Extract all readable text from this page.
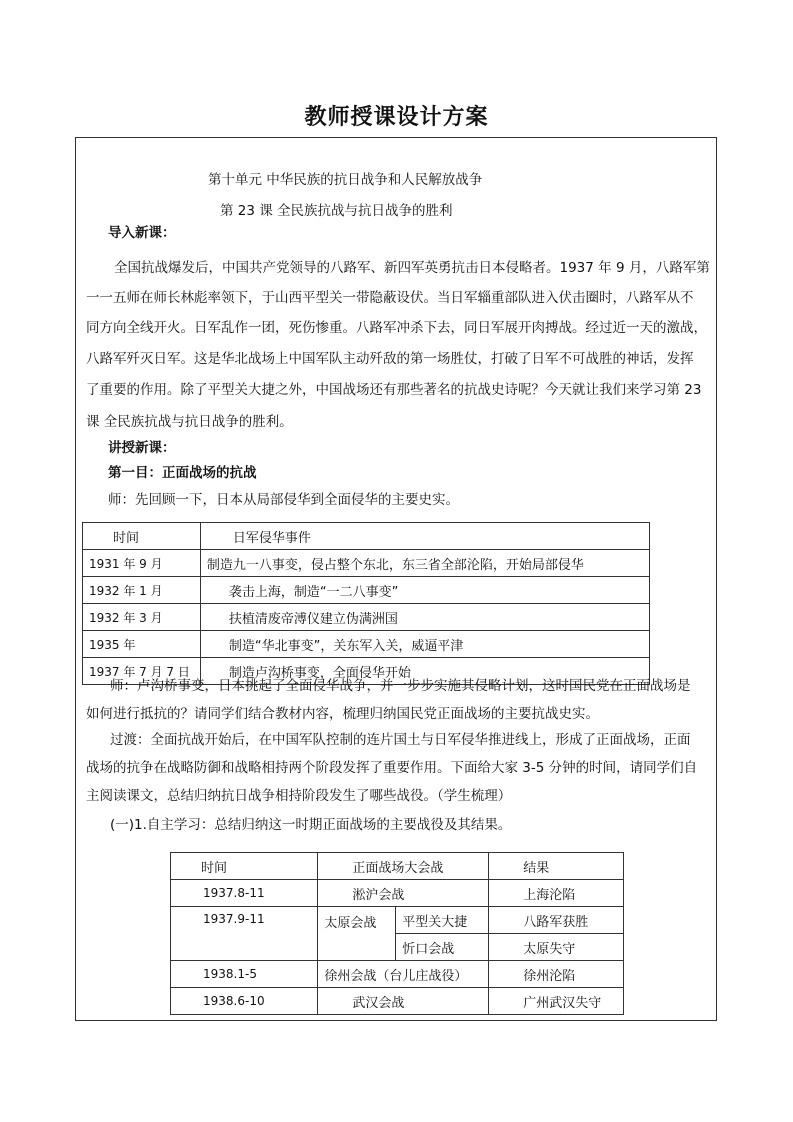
教师授课设计方案
第十单元 中华民族的抗日战争和人民解放战争
第 23 课 全民族抗战与抗日战争的胜利
导入新课：
全国抗战爆发后，中国共产党领导的八路军、新四军英勇抗击日本侵略者。1937 年 9 月，八路军第
一一五师在师长林彪率领下，于山西平型关一带隐蔽设伏。当日军辎重部队进入伏击圈时，八路军从不
同方向全线开火。日军乱作一团，死伤惨重。八路军冲杀下去，同日军展开肉搏战。经过近一天的激战，
八路军歼灭日军。这是华北战场上中国军队主动歼敌的第一场胜仗，打破了日军不可战胜的神话，发挥
了重要的作用。除了平型关大捷之外，中国战场还有那些著名的抗战史诗呢？今天就让我们来学习第 23
课 全民族抗战与抗日战争的胜利。
讲授新课：
第一目：正面战场的抗战
师：先回顾一下，日本从局部侵华到全面侵华的主要史实。
时间	日军侵华事件
1931 年 9 月	制造九一八事变，侵占整个东北，东三省全部沦陷，开始局部侵华
1932 年 1 月	袭击上海，制造“一二八事变”
1932 年 3 月	扶植清废帝溥仪建立伪满洲国
1935 年	制造“华北事变”，关东军入关，威逼平津
1937 年 7 月 7 日	制造卢沟桥事变，全面侵华开始
师：卢沟桥事变，日本挑起了全面侵华战争，并一步步实施其侵略计划，这时国民党在正面战场是
如何进行抵抗的？请同学们结合教材内容，梳理归纳国民党正面战场的主要抗战史实。
过渡：全面抗战开始后，在中国军队控制的连片国土与日军侵华推进线上，形成了正面战场，正面
战场的抗争在战略防御和战略相持两个阶段发挥了重要作用。下面给大家 3-5 分钟的时间，请同学们自
主阅读课文，总结归纳抗日战争相持阶段发生了哪些战役。（学生梳理）
(一)1.自主学习：总结归纳这一时期正面战场的主要战役及其结果。
时间	正面战场大会战		结果
1937.8-11	淞沪会战		上海沦陷
1937.9-11	太原会战	平型关大捷	八路军获胜
		忻口会战	太原失守
1938.1-5	徐州会战（台儿庄战役）		徐州沦陷
1938.6-10	武汉会战		广州武汉失守
